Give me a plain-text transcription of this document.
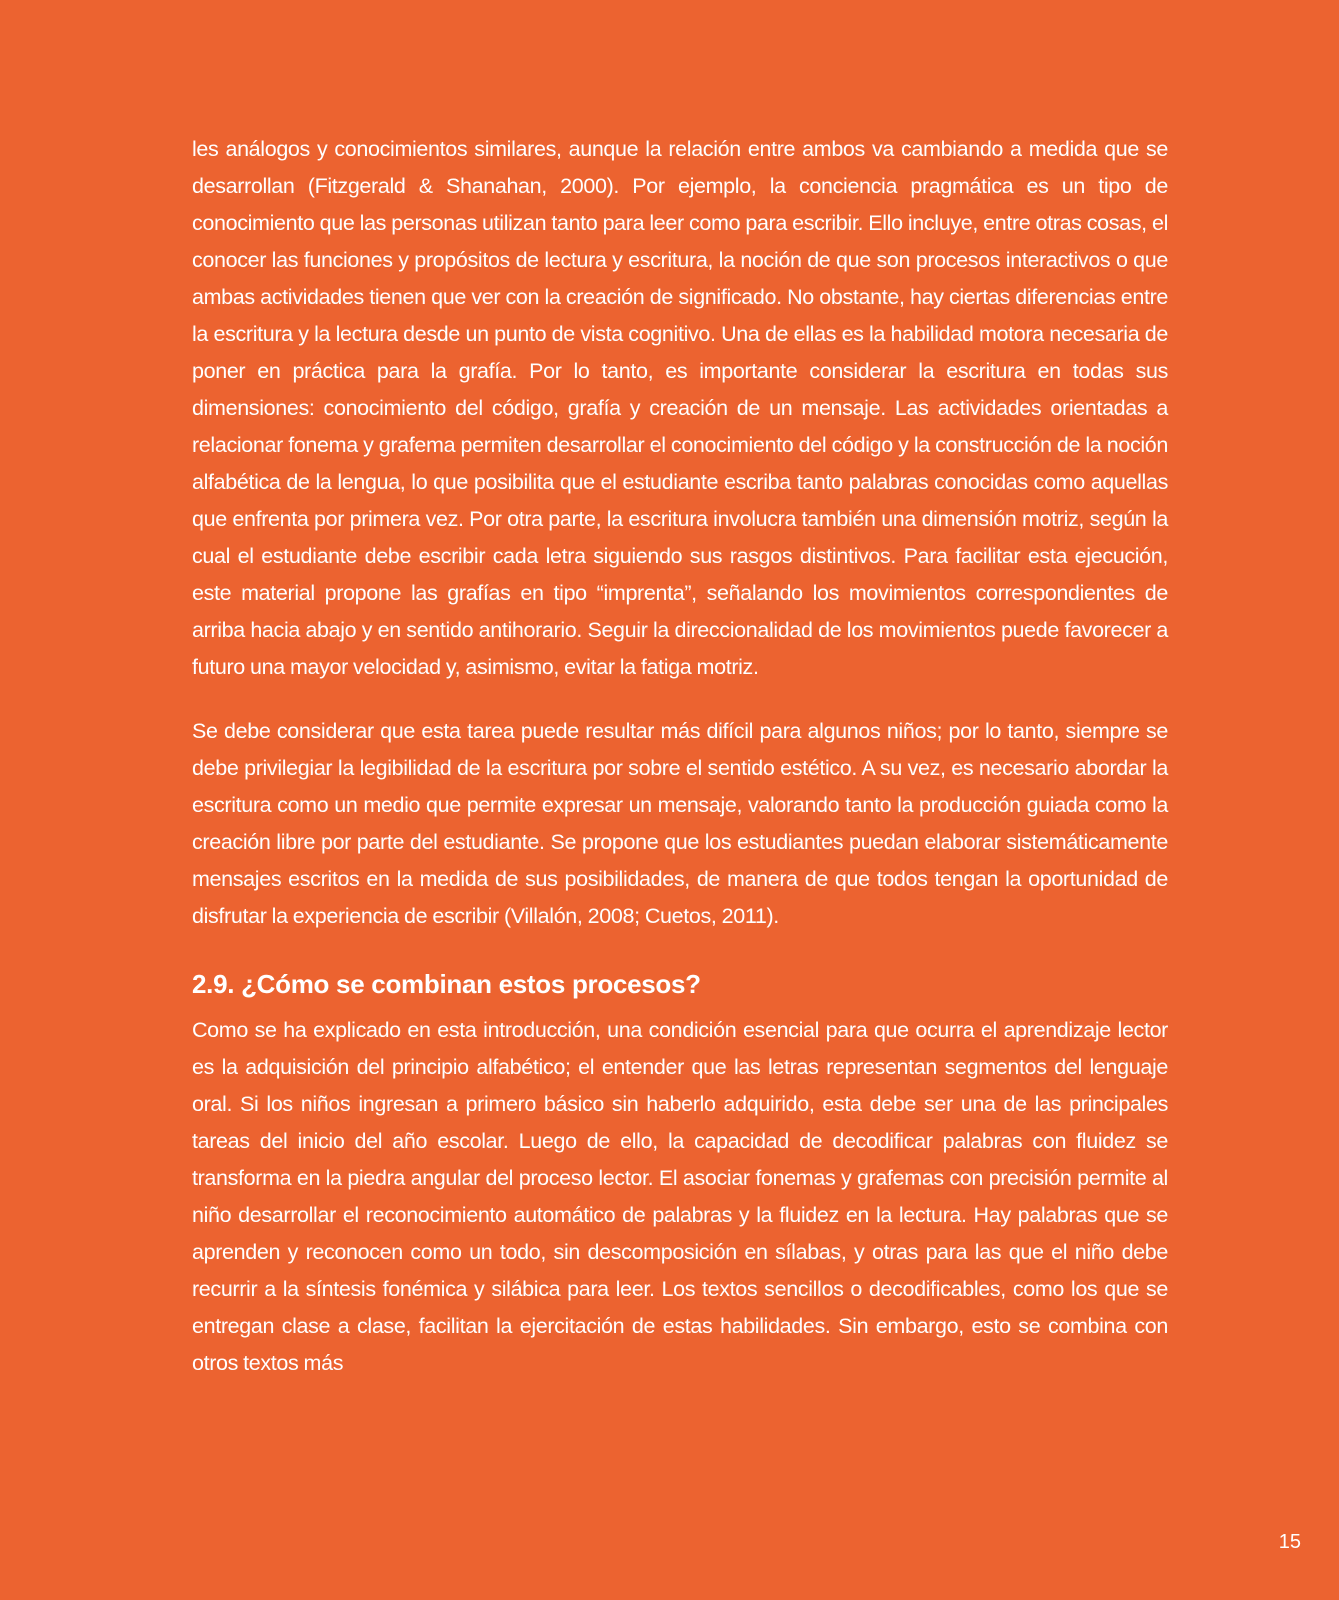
les análogos y conocimientos similares, aunque la relación entre ambos va cambiando a medida que se desarrollan (Fitzgerald & Shanahan, 2000). Por ejemplo, la conciencia pragmática es un tipo de conocimiento que las personas utilizan tanto para leer como para escribir. Ello incluye, entre otras cosas, el conocer las funciones y propósitos de lectura y escritura, la noción de que son procesos interactivos o que ambas actividades tienen que ver con la creación de significado. No obstante, hay ciertas diferencias entre la escritura y la lectura desde un punto de vista cognitivo. Una de ellas es la habilidad motora necesaria de poner en práctica para la grafía. Por lo tanto, es importante considerar la escritura en todas sus dimensiones: conocimiento del código, grafía y creación de un mensaje. Las actividades orientadas a relacionar fonema y grafema permiten desarrollar el conocimiento del código y la construcción de la noción alfabética de la lengua, lo que posibilita que el estudiante escriba tanto palabras conocidas como aquellas que enfrenta por primera vez. Por otra parte, la escritura involucra también una dimensión motriz, según la cual el estudiante debe escribir cada letra siguiendo sus rasgos distintivos. Para facilitar esta ejecución, este material propone las grafías en tipo “imprenta”, señalando los movimientos correspondientes de arriba hacia abajo y en sentido antihorario. Seguir la direccionalidad de los movimientos puede favorecer a futuro una mayor velocidad y, asimismo, evitar la fatiga motriz.

Se debe considerar que esta tarea puede resultar más difícil para algunos niños; por lo tanto, siempre se debe privilegiar la legibilidad de la escritura por sobre el sentido estético. A su vez, es necesario abordar la escritura como un medio que permite expresar un mensaje, valorando tanto la producción guiada como la creación libre por parte del estudiante. Se propone que los estudiantes puedan elaborar sistemáticamente mensajes escritos en la medida de sus posibilidades, de manera de que todos tengan la oportunidad de disfrutar la experiencia de escribir (Villalón, 2008; Cuetos, 2011).

2.9. ¿Cómo se combinan estos procesos?

Como se ha explicado en esta introducción, una condición esencial para que ocurra el aprendizaje lector es la adquisición del principio alfabético; el entender que las letras representan segmentos del lenguaje oral. Si los niños ingresan a primero básico sin haberlo adquirido, esta debe ser una de las principales tareas del inicio del año escolar. Luego de ello, la capacidad de decodificar palabras con fluidez se transforma en la piedra angular del proceso lector. El asociar fonemas y grafemas con precisión permite al niño desarrollar el reconocimiento automático de palabras y la fluidez en la lectura. Hay palabras que se aprenden y reconocen como un todo, sin descomposición en sílabas, y otras para las que el niño debe recurrir a la síntesis fonémica y silábica para leer. Los textos sencillos o decodificables, como los que se entregan clase a clase, facilitan la ejercitación de estas habilidades. Sin embargo, esto se combina con otros textos más

15
